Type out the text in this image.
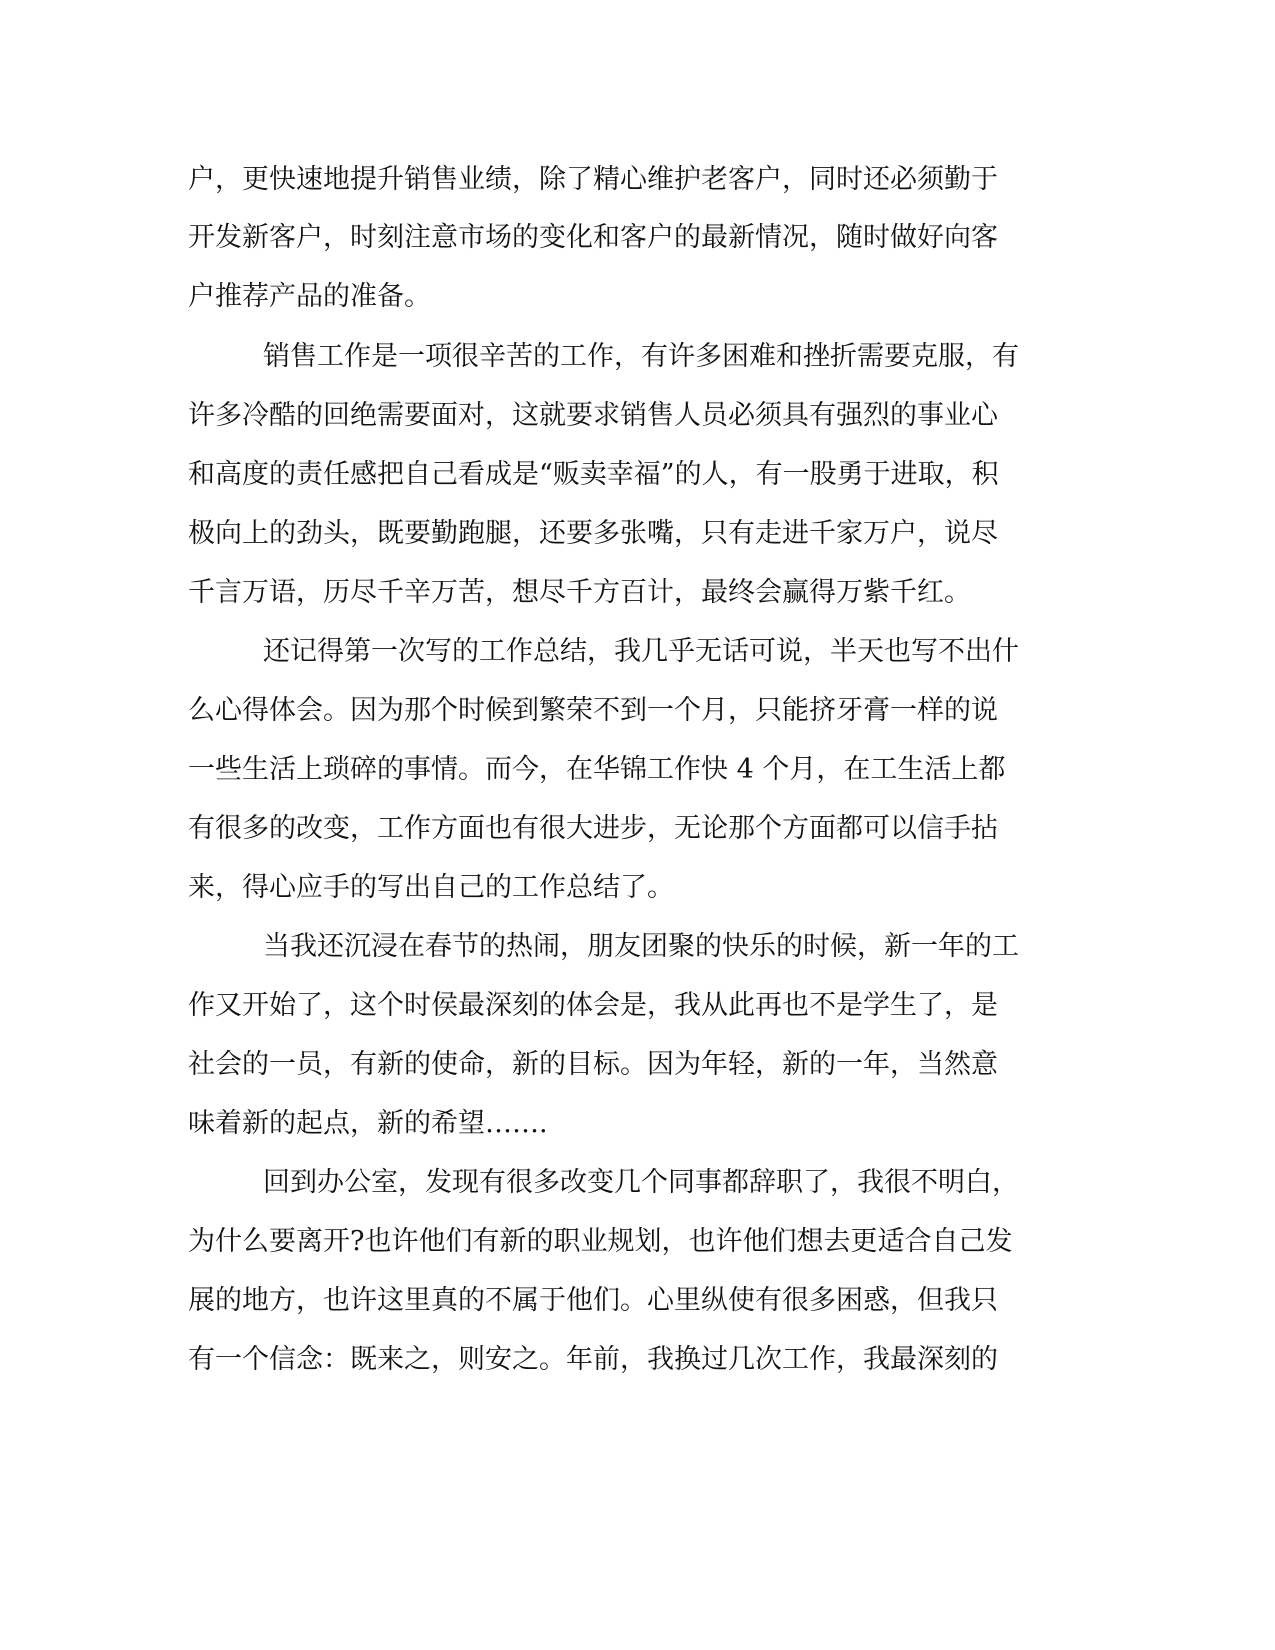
户，更快速地提升销售业绩，除了精心维护老客户，同时还必须勤于
开发新客户，时刻注意市场的变化和客户的最新情况，随时做好向客
户推荐产品的准备。
销售工作是一项很辛苦的工作，有许多困难和挫折需要克服，有
许多冷酷的回绝需要面对，这就要求销售人员必须具有强烈的事业心
和高度的责任感把自己看成是“贩卖幸福”的人，有一股勇于进取，积
极向上的劲头，既要勤跑腿，还要多张嘴，只有走进千家万户，说尽
千言万语，历尽千辛万苦，想尽千方百计，最终会赢得万紫千红。
还记得第一次写的工作总结，我几乎无话可说，半天也写不出什
么心得体会。因为那个时候到繁荣不到一个月，只能挤牙膏一样的说
一些生活上琐碎的事情。而今，在华锦工作快 4 个月，在工生活上都
有很多的改变，工作方面也有很大进步，无论那个方面都可以信手拈
来，得心应手的写出自己的工作总结了。
当我还沉浸在春节的热闹，朋友团聚的快乐的时候，新一年的工
作又开始了，这个时侯最深刻的体会是，我从此再也不是学生了，是
社会的一员，有新的使命，新的目标。因为年轻，新的一年，当然意
味着新的起点，新的希望…….
回到办公室，发现有很多改变几个同事都辞职了，我很不明白，
为什么要离开?也许他们有新的职业规划，也许他们想去更适合自己发
展的地方，也许这里真的不属于他们。心里纵使有很多困惑，但我只
有一个信念：既来之，则安之。年前，我换过几次工作，我最深刻的
